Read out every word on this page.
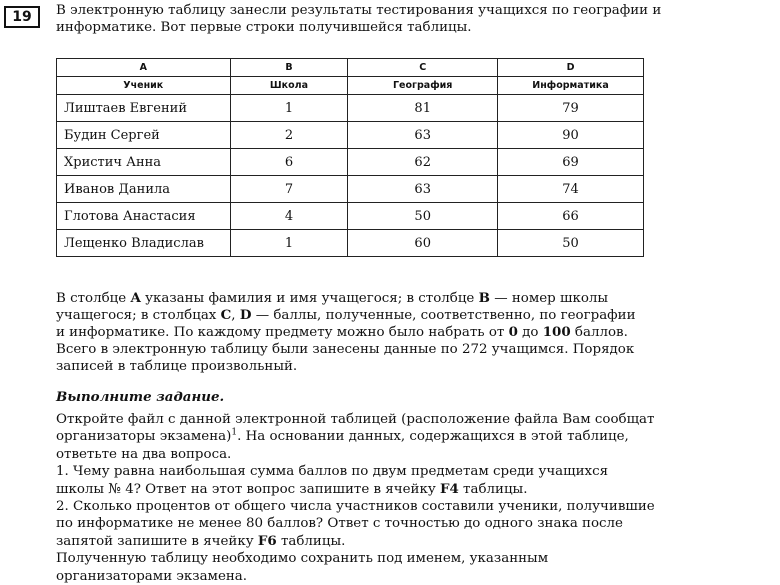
19	В электронную таблицу занесли результаты тестирования учащихся по географии и информатике. Вот первые строки получившейся таблицы.
A	B	C	D
Ученик	Школа	География	Информатика
Лиштаев Евгений	1	81	79
Будин Сергей	2	63	90
Христич Анна	6	62	69
Иванов Данила	7	63	74
Глотова Анастасия	4	50	66
Лещенко Владислав	1	60	50
В столбце A указаны фамилия и имя учащегося; в столбце B — номер школы учащегося; в столбцах C, D — баллы, полученные, соответственно, по географии и информатике. По каждому предмету можно было набрать от 0 до 100 баллов. Всего в электронную таблицу были занесены данные по 272 учащимся. Порядок записей в таблице произвольный.
Выполните задание.

Откройте файл с данной электронной таблицей (расположение файла Вам сообщат организаторы экзамена)$^1$. На основании данных, содержащихся в этой таблице, ответьте на два вопроса.

1. Чему равна наибольшая сумма баллов по двум предметам среди учащихся школы № 4? Ответ на этот вопрос запишите в ячейку F4 таблицы.

2. Сколько процентов от общего числа участников составили ученики, получившие по информатике не менее 80 баллов? Ответ с точностью до одного знака после запятой запишите в ячейку F6 таблицы.

Полученную таблицу необходимо сохранить под именем, указанным организаторами экзамена.
